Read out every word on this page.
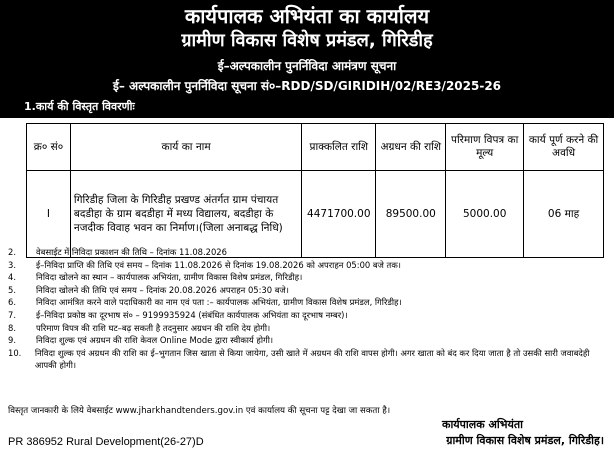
कार्यपालक अभियंता का कार्यालय
ग्रामीण विकास विशेष प्रमंडल, गिरिडीह
ई–अल्पकालीन पुनर्निविदा आमंत्रण सूचना
ई– अल्पकालीन पुनर्निविदा सूचना सं०–RDD/SD/GIRIDIH/02/RE3/2025-26
1.कार्य की विस्तृत विवरणीः
क्र० सं०	कार्य का नाम	प्राक्कलित राशि	अग्रधन की राशि	परिमाण विपत्र का मूल्य	कार्य पूर्ण करने की अवधि
I	गिरिडीह जिला के गिरिडीह प्रखण्ड अंतर्गत ग्राम पंचायत बदडीहा के ग्राम बदडीहा में मध्य विद्यालय, बदडीहा के नजदीक विवाह भवन का निर्माण।(जिला अनाबद्ध निधि)	4471700.00	89500.00	5000.00	06 माह
2.	वेबसाईट में निविदा प्रकाशन की तिथि – दिनांक 11.08.2026
3.	ई–निविदा प्राप्ति की तिथि एवं समय – दिनांक 11.08.2026 से दिनांक 19.08.2026 को अपराहन 05:00 बजे तक।
4.	निविदा खोलने का स्थान – कार्यपालक अभियंता, ग्रामीण विकास विशेष प्रमंडल, गिरिडीह।
5.	निविदा खोलने की तिथि एवं समय – दिनांक 20.08.2026 अपराहन 05:30 बजे।
6.	निविदा आमंत्रित करने वाले पदाधिकारी का नाम एवं पता :– कार्यपालक अभियंता, ग्रामीण विकास विशेष प्रमंडल, गिरिडीह।
7.	ई–निविदा प्रकोष्ठ का दूरभाष सं० – 9199935924 (संबंधित कार्यपालक अभियंता का दूरभाष नम्बर)।
8.	परिमाण विपत्र की राशि घट–बढ़ सकती है तदनुसार अग्रधन की राशि देय होगी।
9.	निविदा शुल्क एवं अग्रधन की राशि केवल Online Mode द्वारा स्वीकार्य होगी।
10.	निविदा शुल्क एवं अग्रधन की राशि का ई–भुगतान जिस खाता से किया जायेगा, उसी खाते में अग्रधन की राशि वापस होगी। अगर खाता को बंद कर दिया जाता है तो उसकी सारी जवाबदेही आपकी होगी।
विस्तृत जानकारी के लिये वेबसाईट www.jharkhandtenders.gov.in एवं कार्यालय की सूचना पट्ट देखा जा सकता है।
कार्यपालक अभियंता
PR 386952 Rural Development(26-27)D	ग्रामीण विकास विशेष प्रमंडल, गिरिडीह।
